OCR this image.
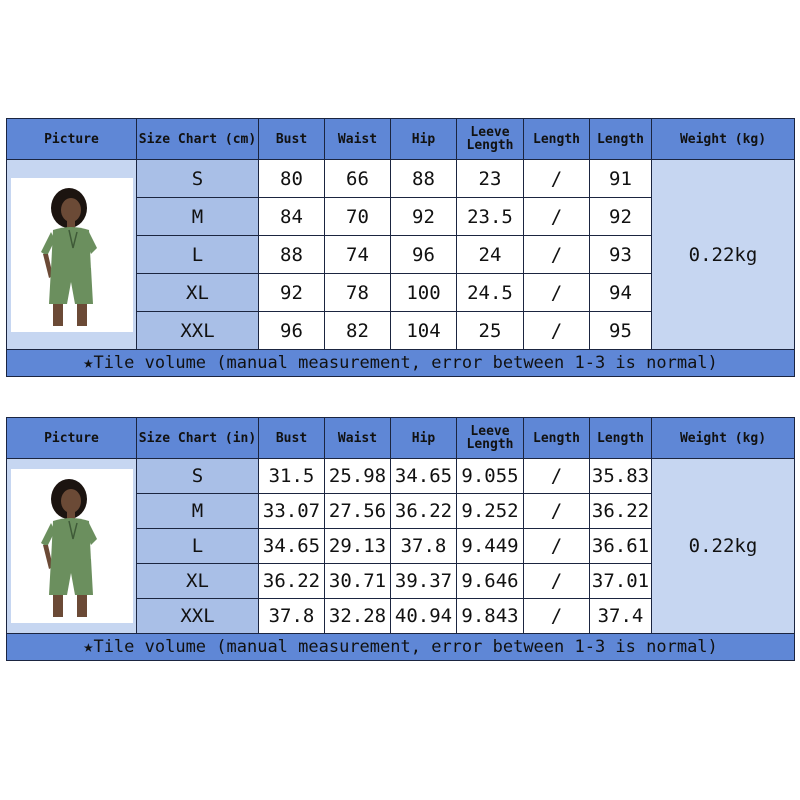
Picture	Size Chart (cm)	Bust	Waist	Hip	Leeve Length	Length	Length	Weight (kg)

	S	80	66	88	23	/	91	0.22kg
	M	84	70	92	23.5	/	92	
	L	88	74	96	24	/	93	
	XL	92	78	100	24.5	/	94	
	XXL	96	82	104	25	/	95	
★Tile volume (manual measurement, error between 1-3 is normal)								
Picture	Size Chart (in)	Bust	Waist	Hip	Leeve Length	Length	Length	Weight (kg)

	S	31.5	25.98	34.65	9.055	/	35.83	0.22kg
	M	33.07	27.56	36.22	9.252	/	36.22	
	L	34.65	29.13	37.8	9.449	/	36.61	
	XL	36.22	30.71	39.37	9.646	/	37.01	
	XXL	37.8	32.28	40.94	9.843	/	37.4	
★Tile volume (manual measurement, error between 1-3 is normal)								
